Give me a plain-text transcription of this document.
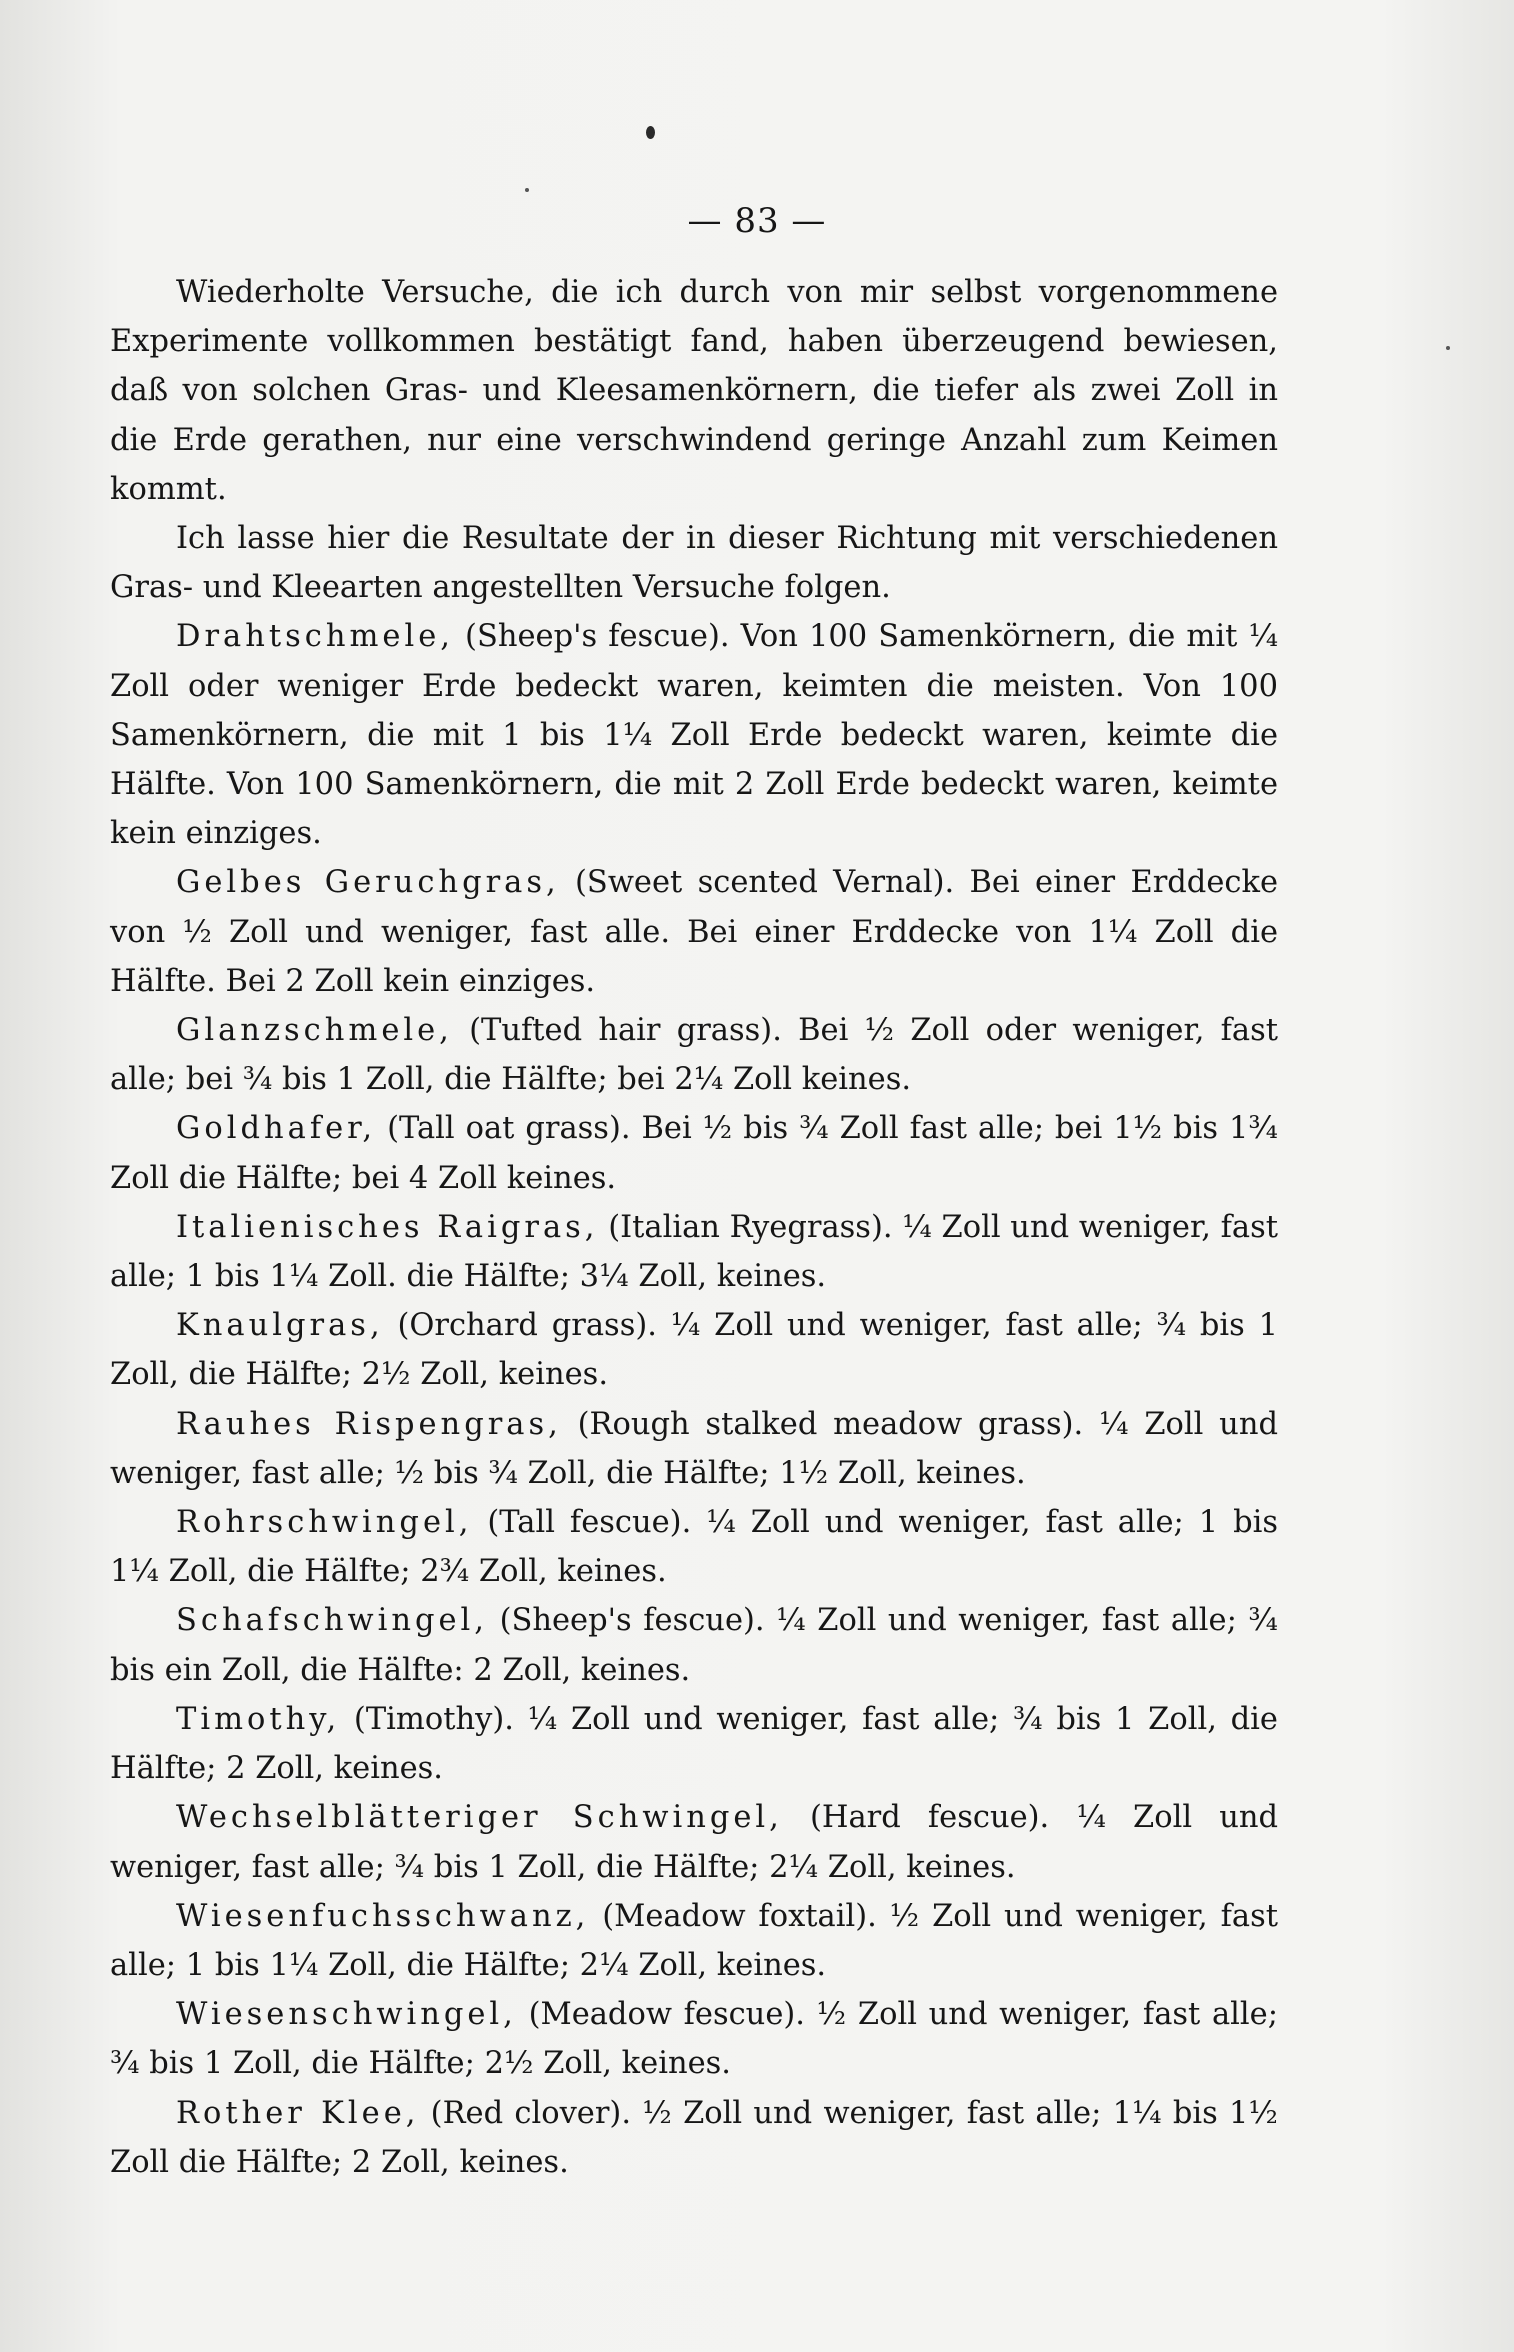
— 83 —

Wiederholte Versuche, die ich durch von mir selbst vorgenommene Experimente vollkommen bestätigt fand, haben überzeugend bewiesen, daß von solchen Gras- und Kleesamenkörnern, die tiefer als zwei Zoll in die Erde gerathen, nur eine verschwindend geringe Anzahl zum Keimen kommt.

Ich lasse hier die Resultate der in dieser Richtung mit verschiedenen Gras- und Kleearten angestellten Versuche folgen.

Drahtschmele, (Sheep's fescue). Von 100 Samenkörnern, die mit ¼ Zoll oder weniger Erde bedeckt waren, keimten die meisten. Von 100 Samenkörnern, die mit 1 bis 1¼ Zoll Erde bedeckt waren, keimte die Hälfte. Von 100 Samenkörnern, die mit 2 Zoll Erde bedeckt waren, keimte kein einziges.

Gelbes Geruchgras, (Sweet scented Vernal). Bei einer Erddecke von ½ Zoll und weniger, fast alle. Bei einer Erddecke von 1¼ Zoll die Hälfte. Bei 2 Zoll kein einziges.

Glanzschmele, (Tufted hair grass). Bei ½ Zoll oder weniger, fast alle; bei ¾ bis 1 Zoll, die Hälfte; bei 2¼ Zoll keines.

Goldhafer, (Tall oat grass). Bei ½ bis ¾ Zoll fast alle; bei 1½ bis 1¾ Zoll die Hälfte; bei 4 Zoll keines.

Italienisches Raigras, (Italian Ryegrass). ¼ Zoll und weniger, fast alle; 1 bis 1¼ Zoll. die Hälfte; 3¼ Zoll, keines.

Knaulgras, (Orchard grass). ¼ Zoll und weniger, fast alle; ¾ bis 1 Zoll, die Hälfte; 2½ Zoll, keines.

Rauhes Rispengras, (Rough stalked meadow grass). ¼ Zoll und weniger, fast alle; ½ bis ¾ Zoll, die Hälfte; 1½ Zoll, keines.

Rohrschwingel, (Tall fescue). ¼ Zoll und weniger, fast alle; 1 bis 1¼ Zoll, die Hälfte; 2¾ Zoll, keines.

Schafschwingel, (Sheep's fescue). ¼ Zoll und weniger, fast alle; ¾ bis ein Zoll, die Hälfte: 2 Zoll, keines.

Timothy, (Timothy). ¼ Zoll und weniger, fast alle; ¾ bis 1 Zoll, die Hälfte; 2 Zoll, keines.

Wechselblätteriger Schwingel, (Hard fescue). ¼ Zoll und weniger, fast alle; ¾ bis 1 Zoll, die Hälfte; 2¼ Zoll, keines.

Wiesenfuchsschwanz, (Meadow foxtail). ½ Zoll und weniger, fast alle; 1 bis 1¼ Zoll, die Hälfte; 2¼ Zoll, keines.

Wiesenschwingel, (Meadow fescue). ½ Zoll und weniger, fast alle; ¾ bis 1 Zoll, die Hälfte; 2½ Zoll, keines.

Rother Klee, (Red clover). ½ Zoll und weniger, fast alle; 1¼ bis 1½ Zoll die Hälfte; 2 Zoll, keines.
